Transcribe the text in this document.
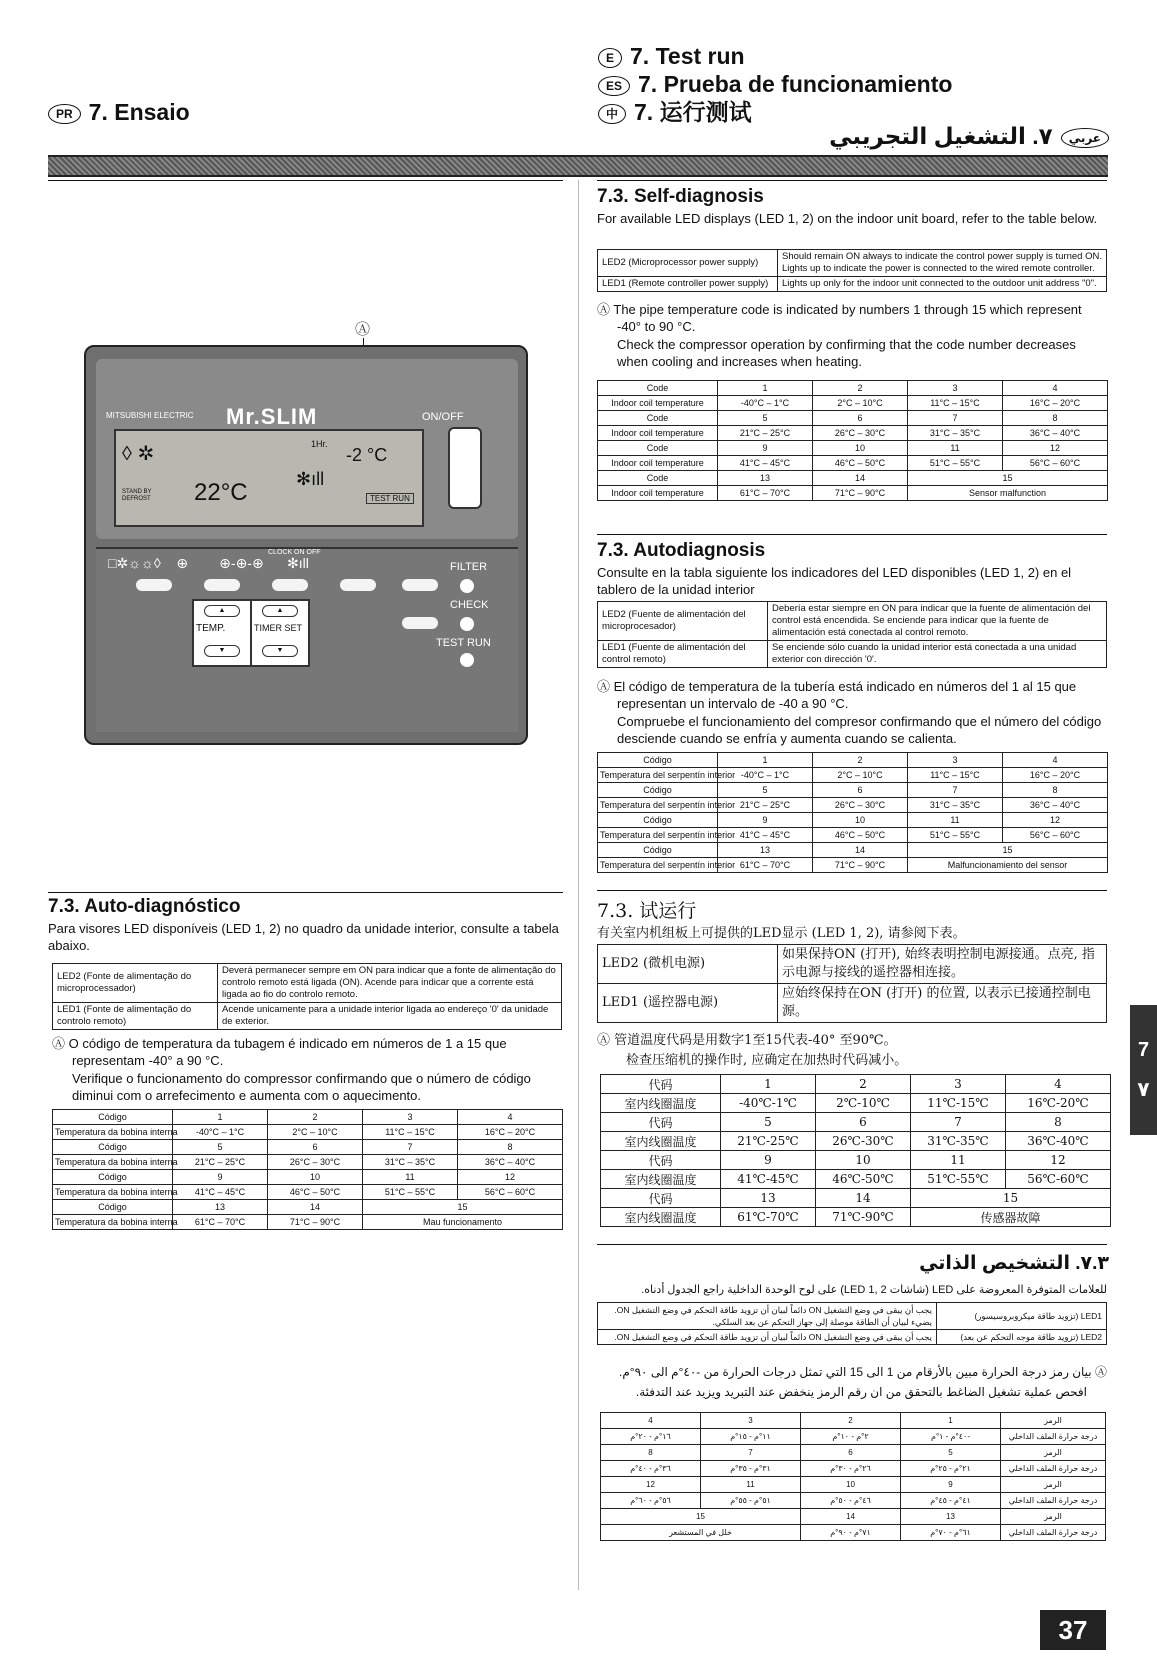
PR 7. Ensaio
E 7. Test run
ES 7. Prueba de funcionamiento
中 7. 运行测试
عربي٧. التشغيل التجريبي
Ⓐ
MITSUBISHI ELECTRIC	Mr.SLIM	ON/OFF
◊ ✲
STAND BY DEFROST 22°C
1Hr.
-2 °C
✻ıll
TEST RUN
CLOCK ON OFF
□✲☼☼◊    ⊕        ⊕-⊕-⊕      ✻ıll	FILTER
CHECK
TEST RUN
▲
TEMP.
▼
▲
TIMER SET
▼
7.3. Auto-diagnóstico
Para visores LED disponíveis (LED 1, 2) no quadro da unidade interior, consulte a tabela abaixo.
LED2 (Fonte de alimentação do microprocessador)	Deverá permanecer sempre em ON para indicar que a fonte de alimentação do controlo remoto está ligada (ON). Acende para indicar que a corrente está ligada ao fio do controlo remoto.
LED1 (Fonte de alimentação do controlo remoto)	Acende unicamente para a unidade interior ligada ao endereço '0' da unidade de exterior.
Ⓐ O código de temperatura da tubagem é indicado em números de 1 a 15 que representam -40° a 90 °C.
Verifique o funcionamento do compressor confirmando que o número de código diminui com o arrefecimento e aumenta com o aquecimento.
Código	1	2	3	4
Temperatura da bobina interna	-40°C – 1°C	2°C – 10°C	11°C – 15°C	16°C – 20°C
Código	5	6	7	8
Temperatura da bobina interna	21°C – 25°C	26°C – 30°C	31°C – 35°C	36°C – 40°C
Código	9	10	11	12
Temperatura da bobina interna	41°C – 45°C	46°C – 50°C	51°C – 55°C	56°C – 60°C
Código	13	14	15	
Temperatura da bobina interna	61°C – 70°C	71°C – 90°C	Mau funcionamento	
7.3. Self-diagnosis
For available LED displays (LED 1, 2) on the indoor unit board, refer to the table below.
LED2 (Microprocessor power supply)	Should remain ON always to indicate the control power supply is turned ON. Lights up to indicate the power is connected to the wired remote controller.
LED1 (Remote controller power supply)	Lights up only for the indoor unit connected to the outdoor unit address "0".
Ⓐ The pipe temperature code is indicated by numbers 1 through 15 which represent -40° to 90 °C.
Check the compressor operation by confirming that the code number decreases when cooling and increases when heating.
Code	1	2	3	4
Indoor coil temperature	-40°C – 1°C	2°C – 10°C	11°C – 15°C	16°C – 20°C
Code	5	6	7	8
Indoor coil temperature	21°C – 25°C	26°C – 30°C	31°C – 35°C	36°C – 40°C
Code	9	10	11	12
Indoor coil temperature	41°C – 45°C	46°C – 50°C	51°C – 55°C	56°C – 60°C
Code	13	14	15	
Indoor coil temperature	61°C – 70°C	71°C – 90°C	Sensor malfunction	
7.3. Autodiagnosis
Consulte en la tabla siguiente los indicadores del LED disponibles (LED 1, 2) en el tablero de la unidad interior
LED2 (Fuente de alimentación del microprocesador)	Debería estar siempre en ON para indicar que la fuente de alimentación del control está encendida. Se enciende para indicar que la fuente de alimentación está conectada al control remoto.
LED1 (Fuente de alimentación del control remoto)	Se enciende sólo cuando la unidad interior está conectada a una unidad exterior con dirección '0'.
Ⓐ El código de temperatura de la tubería está indicado en números del 1 al 15 que representan un intervalo de -40 a 90 °C.
Compruebe el funcionamiento del compresor confirmando que el número del código desciende cuando se enfría y aumenta cuando se calienta.
Código	1	2	3	4
Temperatura del serpentín interior	-40°C – 1°C	2°C – 10°C	11°C – 15°C	16°C – 20°C
Código	5	6	7	8
Temperatura del serpentín interior	21°C – 25°C	26°C – 30°C	31°C – 35°C	36°C – 40°C
Código	9	10	11	12
Temperatura del serpentín interior	41°C – 45°C	46°C – 50°C	51°C – 55°C	56°C – 60°C
Código	13	14	15	
Temperatura del serpentín interior	61°C – 70°C	71°C – 90°C	Malfuncionamiento del sensor	
7.3. 试运行
有关室内机组板上可提供的LED显示 (LED 1, 2), 请参阅下表。
LED2 (微机电源)	如果保持ON (打开), 始终表明控制电源接通。点亮, 指示电源与接线的遥控器相连接。
LED1 (遥控器电源)	应始终保持在ON (打开) 的位置, 以表示已接通控制电源。
Ⓐ 管道温度代码是用数字1至15代表-40° 至90℃。
检查压缩机的操作时, 应确定在加热时代码减小。
代码	1	2	3	4
室内线圈温度	-40℃-1℃	2℃-10℃	11℃-15℃	16℃-20℃
代码	5	6	7	8
室内线圈温度	21℃-25℃	26℃-30℃	31℃-35℃	36℃-40℃
代码	9	10	11	12
室内线圈温度	41℃-45℃	46℃-50℃	51℃-55℃	56℃-60℃
代码	13	14	15	
室内线圈温度	61℃-70℃	71℃-90℃	传感器故障	
٧.٣. التشخيص الذاتي
للعلامات المتوفرة المعروضة على LED (شاشات LED 1, 2) على لوح الوحدة الداخلية راجع الجدول أدناه.
LED1 (تزويد طاقة ميكروبروسيسور)	يجب أن يبقى في وضع التشغيل ON دائماً لبيان أن تزويد طاقة التحكم في وضع التشغيل ON. يضيء لبيان أن الطاقة موصلة إلى جهاز التحكم عن بعد السلكي.
LED2 (تزويد طاقة موجه التحكم عن بعد)	يجب أن يبقى في وضع التشغيل ON دائماً لبيان أن تزويد طاقة التحكم في وضع التشغيل ON.
Ⓐ بيان رمز درجة الحرارة مبين بالأرقام من 1 الى 15 التي تمثل درجات الحرارة من -٤٠°م الى ٩٠°م.
افحص عملية تشغيل الضاغط بالتحقق من ان رقم الرمز ينخفض عند التبريد ويزيد عند التدفئة.
الرمز	1	2	3	4
درجة حرارة الملف الداخلي	-٤٠°م - ١°م	٢°م - ١٠°م	١١°م - ١٥°م	١٦°م - ٢٠°م
الرمز	5	6	7	8
درجة حرارة الملف الداخلي	٢١°م - ٢٥°م	٢٦°م - ٣٠°م	٣١°م - ٣٥°م	٣٦°م - ٤٠°م
الرمز	9	10	11	12
درجة حرارة الملف الداخلي	٤١°م - ٤٥°م	٤٦°م - ٥٠°م	٥١°م - ٥٥°م	٥٦°م - ٦٠°م
الرمز	13	14	15	
درجة حرارة الملف الداخلي	٦١°م - ٧٠°م	٧١°م - ٩٠°م	خلل في المستشعر	
7 ٧
37
